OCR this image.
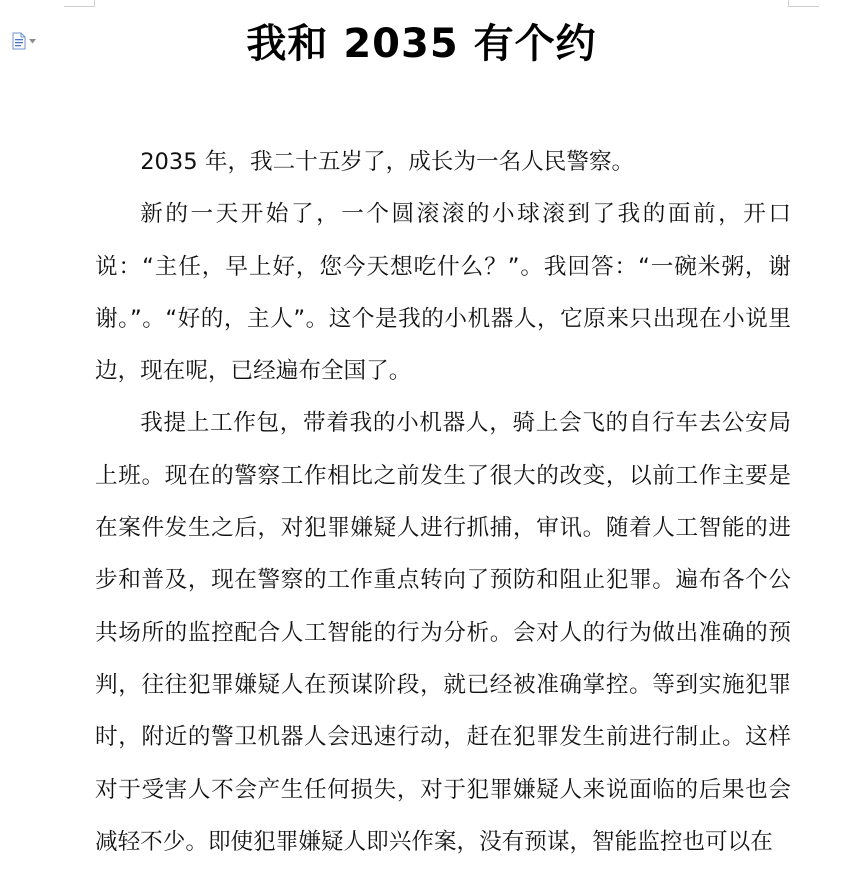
我和 2035 有个约

2035 年，我二十五岁了，成长为一名人民警察。

新的一天开始了，一个圆滚滚的小球滚到了我的面前，开口说：“主任，早上好，您今天想吃什么？”。我回答：“一碗米粥，谢谢。”。“好的，主人”。这个是我的小机器人，它原来只出现在小说里边，现在呢，已经遍布全国了。

我提上工作包，带着我的小机器人，骑上会飞的自行车去公安局上班。现在的警察工作相比之前发生了很大的改变，以前工作主要是在案件发生之后，对犯罪嫌疑人进行抓捕，审讯。随着人工智能的进步和普及，现在警察的工作重点转向了预防和阻止犯罪。遍布各个公共场所的监控配合人工智能的行为分析。会对人的行为做出准确的预判，往往犯罪嫌疑人在预谋阶段，就已经被准确掌控。等到实施犯罪时，附近的警卫机器人会迅速行动，赶在犯罪发生前进行制止。这样对于受害人不会产生任何损失，对于犯罪嫌疑人来说面临的后果也会减轻不少。即使犯罪嫌疑人即兴作案，没有预谋，智能监控也可以在
